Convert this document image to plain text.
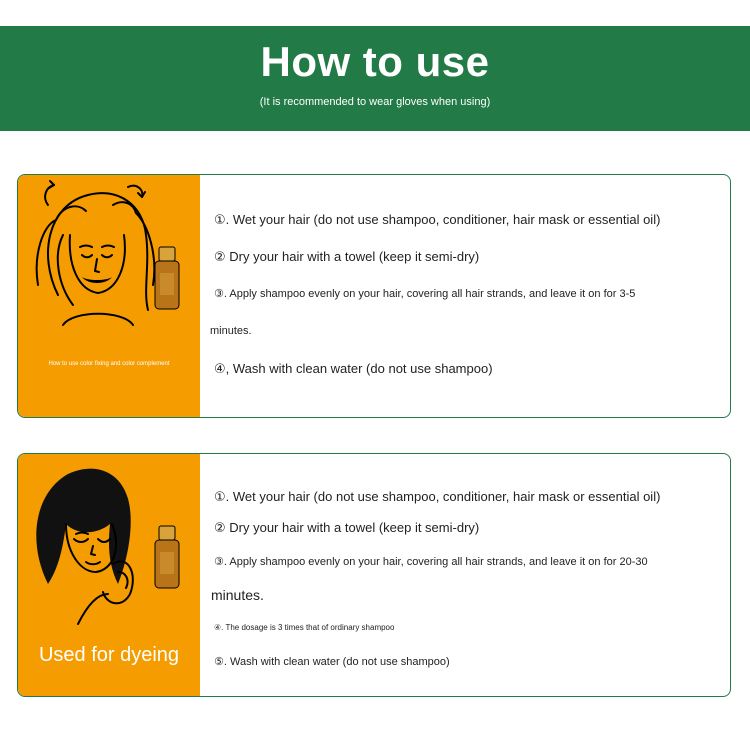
How to use
(It is recommended to wear gloves when using)
How to use color fixing and color complement
①. Wet your hair (do not use shampoo, conditioner, hair mask or essential oil)
② Dry your hair with a towel (keep it semi-dry)
③. Apply shampoo evenly on your hair, covering all hair strands, and leave it on for 3-5
minutes.
④, Wash with clean water (do not use shampoo)
Used for dyeing
①. Wet your hair (do not use shampoo, conditioner, hair mask or essential oil)
② Dry your hair with a towel (keep it semi-dry)
③. Apply shampoo evenly on your hair, covering all hair strands, and leave it on for 20-30
minutes.
④. The dosage is 3 times that of ordinary shampoo
⑤. Wash with clean water (do not use shampoo)
